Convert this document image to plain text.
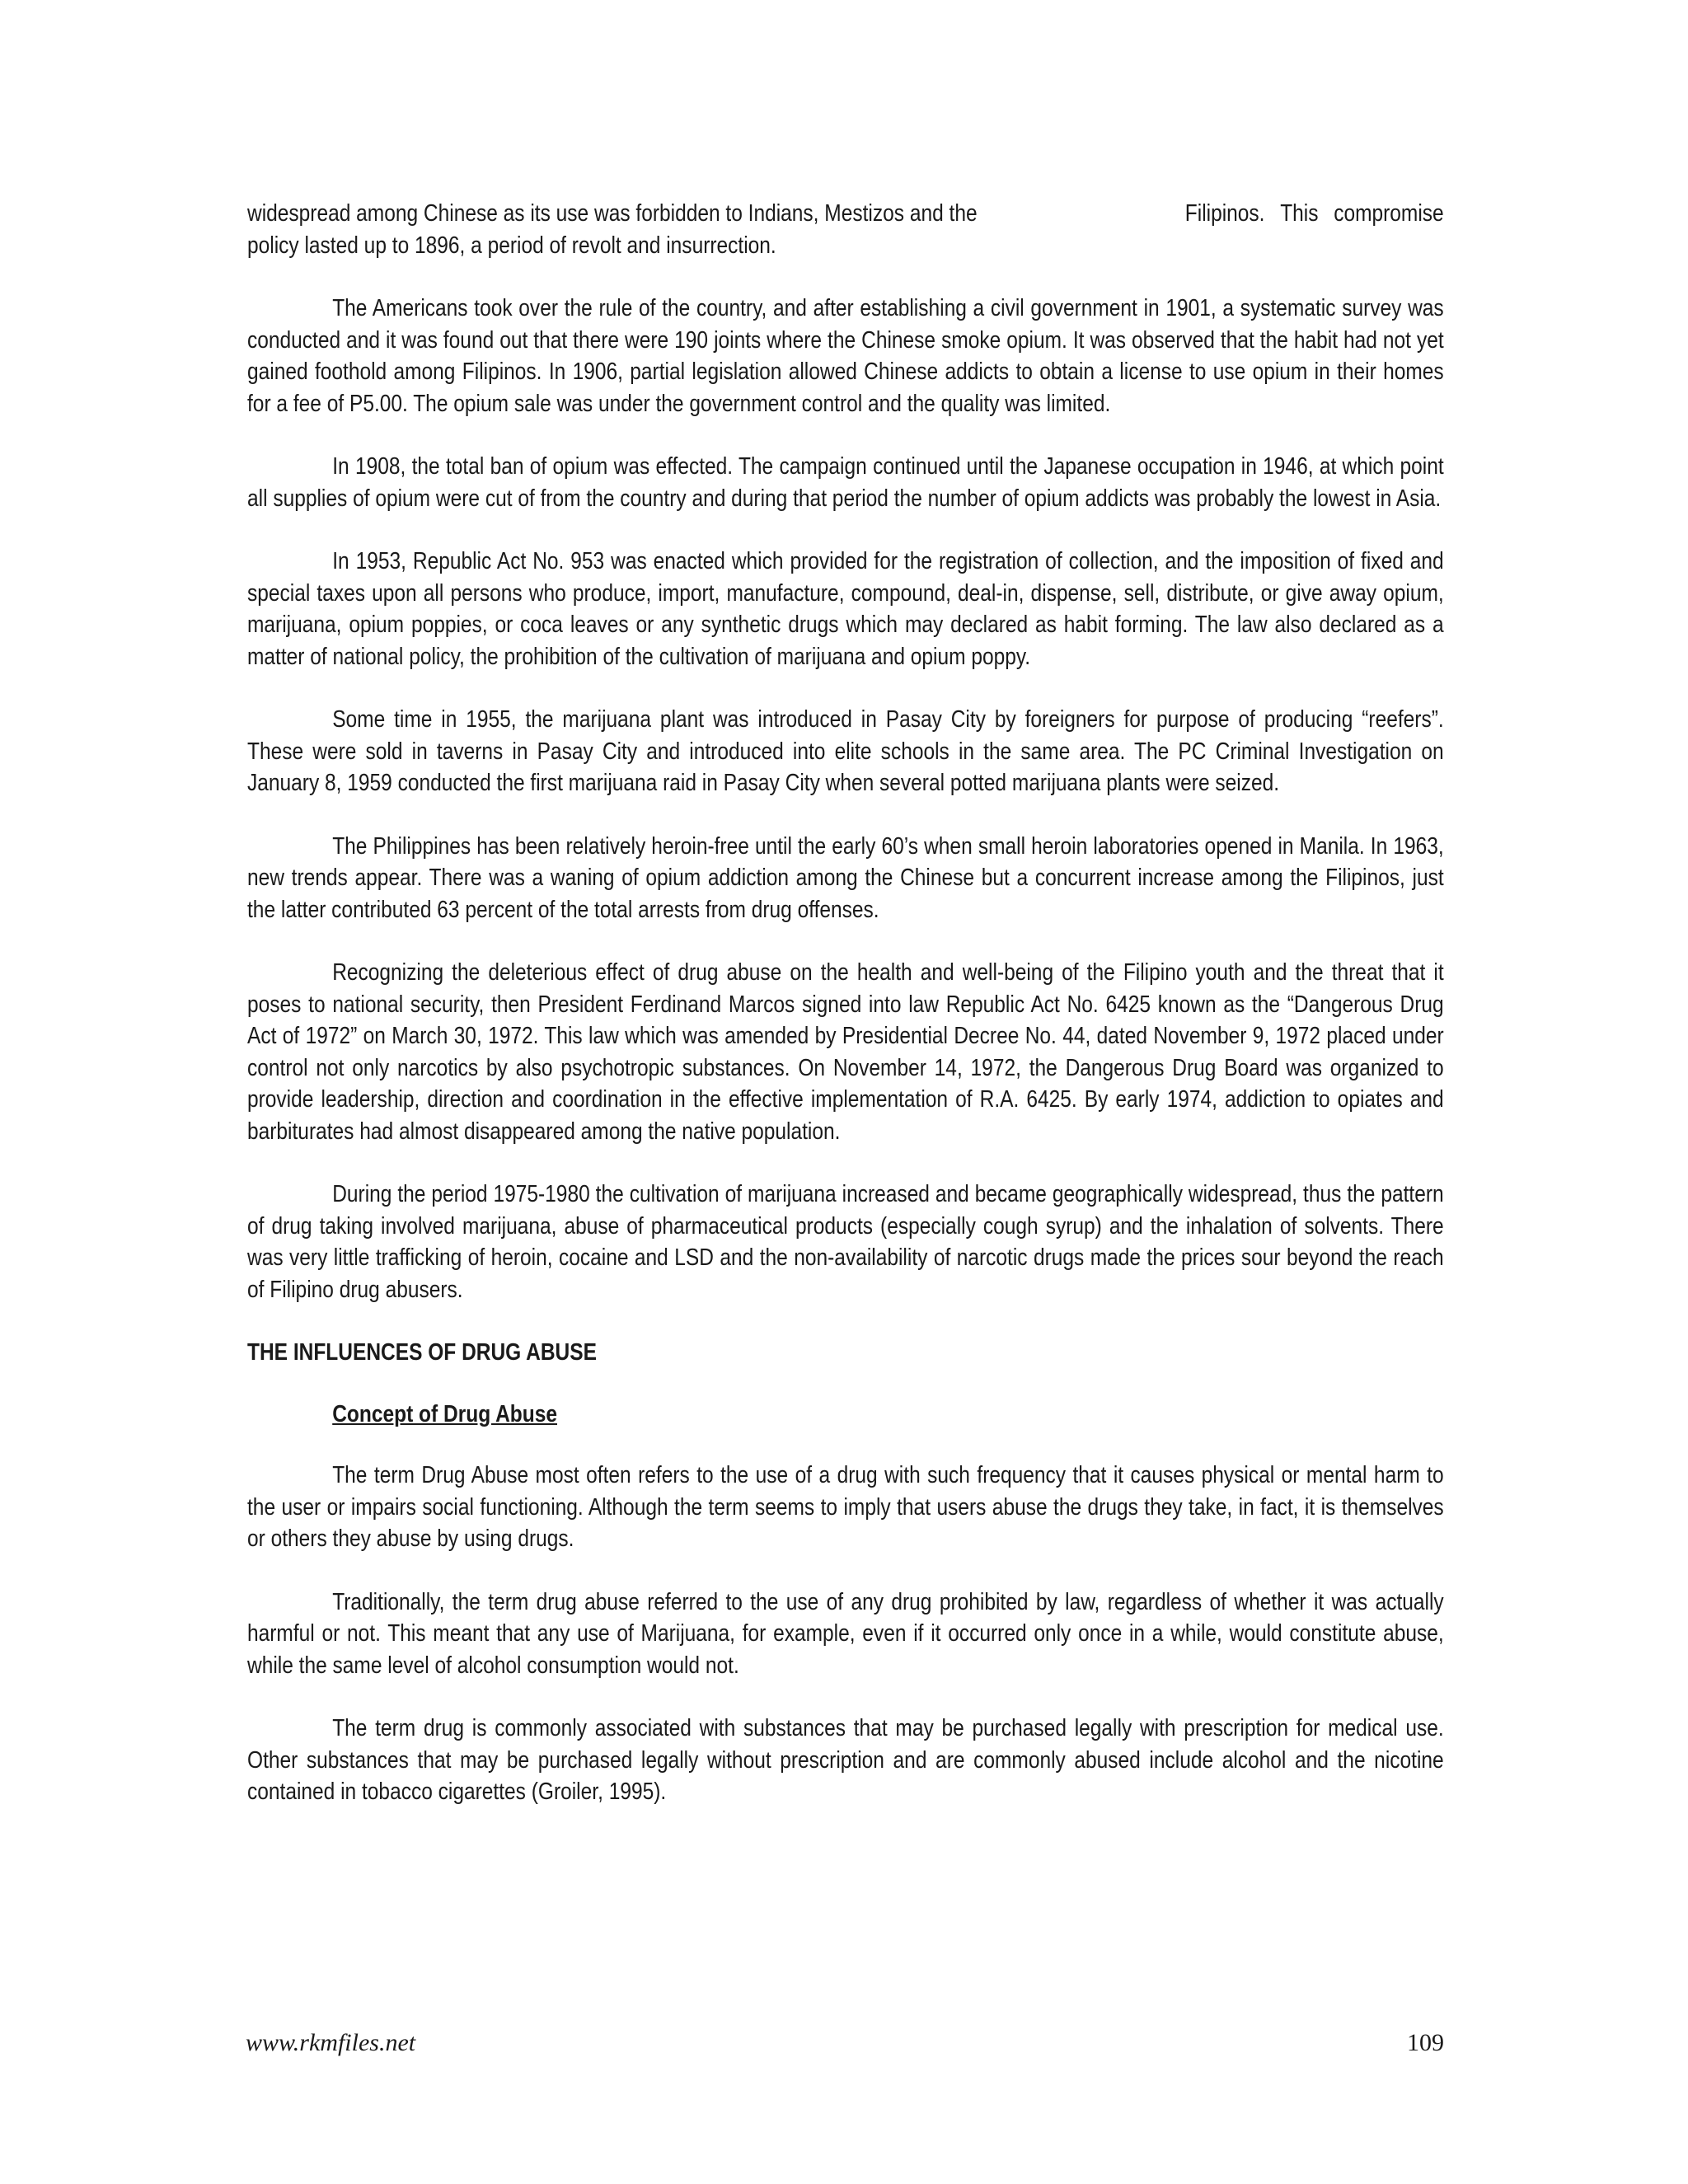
widespread among Chinese as its use was forbidden to Indians, Mestizos and the	Filipinos. This compromise
policy lasted up to 1896, a period of revolt and insurrection.

The Americans took over the rule of the country, and after establishing a civil government in 1901, a systematic survey was conducted and it was found out that there were 190 joints where the Chinese smoke opium. It was observed that the habit had not yet gained foothold among Filipinos. In 1906, partial legislation allowed Chinese addicts to obtain a license to use opium in their homes for a fee of P5.00. The opium sale was under the government control and the quality was limited.

In 1908, the total ban of opium was effected. The campaign continued until the Japanese occupation in 1946, at which point all supplies of opium were cut of from the country and during that period the number of opium addicts was probably the lowest in Asia.

In 1953, Republic Act No. 953 was enacted which provided for the registration of collection, and the imposition of fixed and special taxes upon all persons who produce, import, manufacture, compound, deal-in, dispense, sell, distribute, or give away opium, marijuana, opium poppies, or coca leaves or any synthetic drugs which may declared as habit forming. The law also declared as a matter of national policy, the prohibition of the cultivation of marijuana and opium poppy.

Some time in 1955, the marijuana plant was introduced in Pasay City by foreigners for purpose of producing “reefers”. These were sold in taverns in Pasay City and introduced into elite schools in the same area. The PC Criminal Investigation on January 8, 1959 conducted the first marijuana raid in Pasay City when several potted marijuana plants were seized.

The Philippines has been relatively heroin-free until the early 60’s when small heroin laboratories opened in Manila. In 1963, new trends appear. There was a waning of opium addiction among the Chinese but a concurrent increase among the Filipinos, just the latter contributed 63 percent of the total arrests from drug offenses.

Recognizing the deleterious effect of drug abuse on the health and well-being of the Filipino youth and the threat that it poses to national security, then President Ferdinand Marcos signed into law Republic Act No. 6425 known as the “Dangerous Drug Act of 1972” on March 30, 1972. This law which was amended by Presidential Decree No. 44, dated November 9, 1972 placed under control not only narcotics by also psychotropic substances. On November 14, 1972, the Dangerous Drug Board was organized to provide leadership, direction and coordination in the effective implementation of R.A. 6425. By early 1974, addiction to opiates and barbiturates had almost disappeared among the native population.

During the period 1975-1980 the cultivation of marijuana increased and became geographically widespread, thus the pattern of drug taking involved marijuana, abuse of pharmaceutical products (especially cough syrup) and the inhalation of solvents. There was very little trafficking of heroin, cocaine and LSD and the non-availability of narcotic drugs made the prices sour beyond the reach of Filipino drug abusers.

THE INFLUENCES OF DRUG ABUSE

Concept of Drug Abuse

The term Drug Abuse most often refers to the use of a drug with such frequency that it causes physical or mental harm to the user or impairs social functioning. Although the term seems to imply that users abuse the drugs they take, in fact, it is themselves or others they abuse by using drugs.

Traditionally, the term drug abuse referred to the use of any drug prohibited by law, regardless of whether it was actually harmful or not. This meant that any use of Marijuana, for example, even if it occurred only once in a while, would constitute abuse, while the same level of alcohol consumption would not.

The term drug is commonly associated with substances that may be purchased legally with prescription for medical use. Other substances that may be purchased legally without prescription and are commonly abused include alcohol and the nicotine contained in tobacco cigarettes (Groiler, 1995).

www.rkmfiles.net	109
